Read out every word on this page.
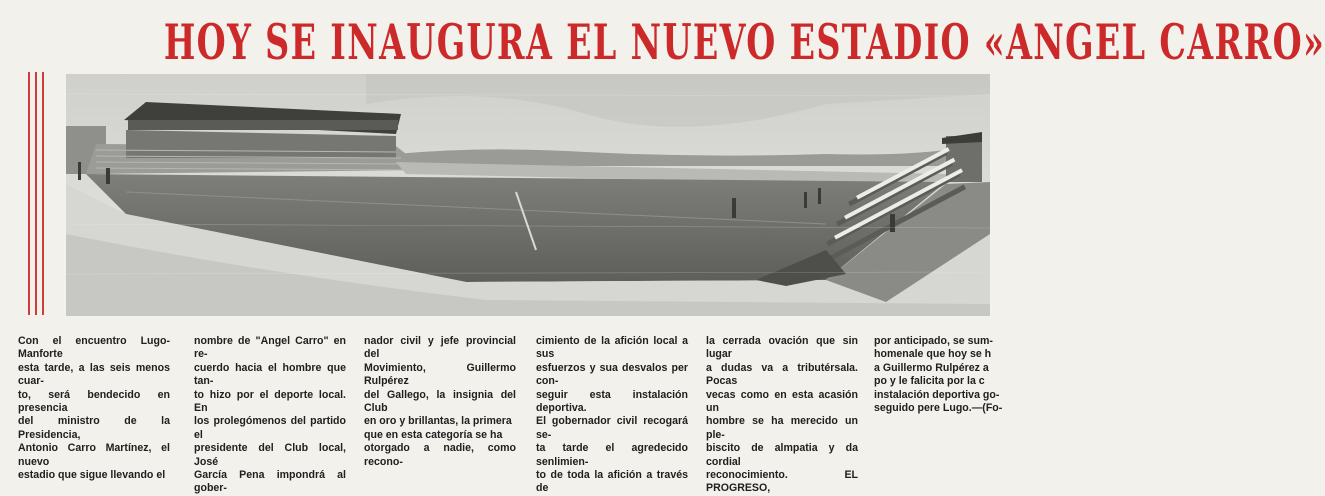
HOY SE INAUGURA EL NUEVO ESTADIO «ANGEL CARRO»

Con el encuentro Lugo-Manforte
esta tarde, a las seis menos cuar-
to, será bendecido en presencia
del ministro de la Presidencia,
Antonio Carro Martínez, el nuevo
estadio que sigue llevando el

nombre de "Angel Carro" en re-
cuerdo hacia el hombre que tan-
to hizo por el deporte local. En
los prolegómenos del partido el
presidente del Club local, José
García Pena impondrá al gober-

nador civil y jefe provincial del
Movimiento, Guillermo Rulpérez
del Gallego, la insignia del Club
en oro y brillantas, la primera
que en esta categoría se ha
otorgado a nadie, como recono-

cimiento de la afición local a sus
esfuerzos y sua desvalos per con-
seguir esta instalación deportiva.
El gobernador civil recogará se-
ta tarde el agredecido senlimien-
to de toda la afición a través de

la cerrada ovación que sin lugar
a dudas va a tributérsala. Pocas
vecas como en esta acasión un
hombre se ha merecido un ple-
biscito de almpatia y da cordial
reconocimiento. EL PROGRESO,

por anticipado, se sum-
homenale que hoy se h
a Guillermo Rulpérez a
po y le falicita por la c
instalación deportiva go-
seguido pere Lugo.—(Fo-
